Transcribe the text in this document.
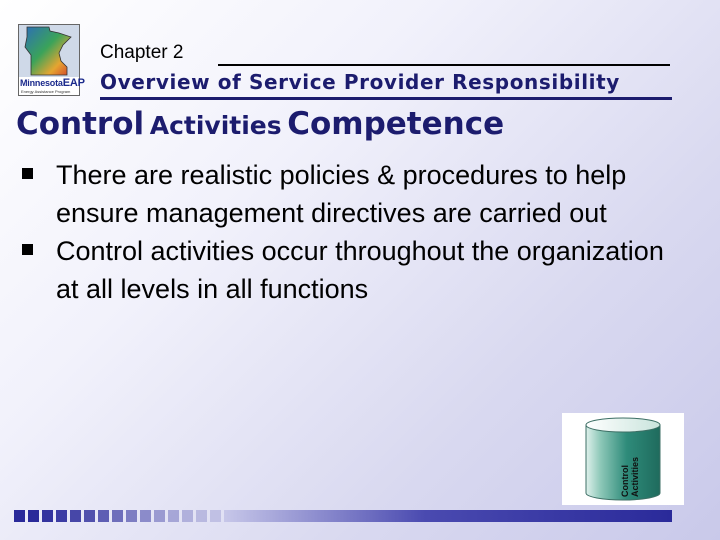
MinnesotaEAP
Energy Assistance Program
Chapter 2
Overview of Service Provider Responsibility
Control Activities Competence
There are realistic policies & procedures to help ensure management directives are carried out
Control activities occur throughout the organization at all levels in all functions
Control Activities
